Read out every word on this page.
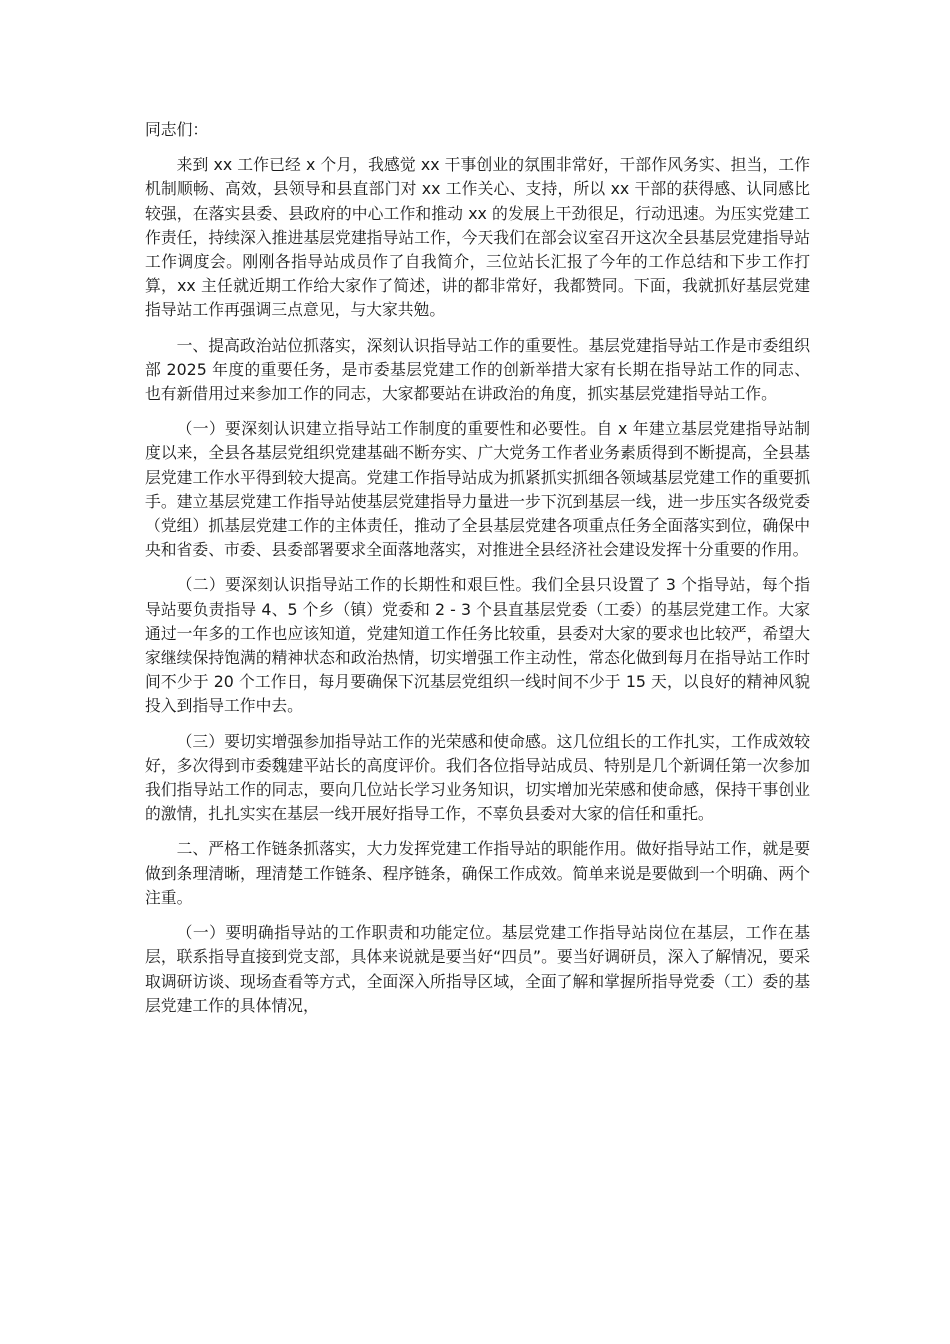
同志们：

来到 xx 工作已经 x 个月，我感觉 xx 干事创业的氛围非常好，干部作风务实、担当，工作机制顺畅、高效，县领导和县直部门对 xx 工作关心、支持，所以 xx 干部的获得感、认同感比较强，在落实县委、县政府的中心工作和推动 xx 的发展上干劲很足，行动迅速。为压实党建工作责任，持续深入推进基层党建指导站工作，今天我们在部会议室召开这次全县基层党建指导站工作调度会。刚刚各指导站成员作了自我简介，三位站长汇报了今年的工作总结和下步工作打算，xx 主任就近期工作给大家作了简述，讲的都非常好，我都赞同。下面，我就抓好基层党建指导站工作再强调三点意见，与大家共勉。

一、提高政治站位抓落实，深刻认识指导站工作的重要性。基层党建指导站工作是市委组织部 2025 年度的重要任务，是市委基层党建工作的创新举措大家有长期在指导站工作的同志、也有新借用过来参加工作的同志，大家都要站在讲政治的角度，抓实基层党建指导站工作。

（一）要深刻认识建立指导站工作制度的重要性和必要性。自 x 年建立基层党建指导站制度以来，全县各基层党组织党建基础不断夯实、广大党务工作者业务素质得到不断提高，全县基层党建工作水平得到较大提高。党建工作指导站成为抓紧抓实抓细各领域基层党建工作的重要抓手。建立基层党建工作指导站使基层党建指导力量进一步下沉到基层一线，进一步压实各级党委（党组）抓基层党建工作的主体责任，推动了全县基层党建各项重点任务全面落实到位，确保中央和省委、市委、县委部署要求全面落地落实，对推进全县经济社会建设发挥十分重要的作用。

（二）要深刻认识指导站工作的长期性和艰巨性。我们全县只设置了 3 个指导站，每个指导站要负责指导 4、5 个乡（镇）党委和 2 - 3 个县直基层党委（工委）的基层党建工作。大家通过一年多的工作也应该知道，党建知道工作任务比较重，县委对大家的要求也比较严，希望大家继续保持饱满的精神状态和政治热情，切实增强工作主动性，常态化做到每月在指导站工作时间不少于 20 个工作日，每月要确保下沉基层党组织一线时间不少于 15 天，以良好的精神风貌投入到指导工作中去。

（三）要切实增强参加指导站工作的光荣感和使命感。这几位组长的工作扎实，工作成效较好，多次得到市委魏建平站长的高度评价。我们各位指导站成员、特别是几个新调任第一次参加我们指导站工作的同志，要向几位站长学习业务知识，切实增加光荣感和使命感，保持干事创业的激情，扎扎实实在基层一线开展好指导工作，不辜负县委对大家的信任和重托。

二、严格工作链条抓落实，大力发挥党建工作指导站的职能作用。做好指导站工作，就是要做到条理清晰，理清楚工作链条、程序链条，确保工作成效。简单来说是要做到一个明确、两个注重。

（一）要明确指导站的工作职责和功能定位。基层党建工作指导站岗位在基层，工作在基层，联系指导直接到党支部，具体来说就是要当好“四员”。要当好调研员，深入了解情况，要采取调研访谈、现场查看等方式，全面深入所指导区域，全面了解和掌握所指导党委（工）委的基层党建工作的具体情况，
